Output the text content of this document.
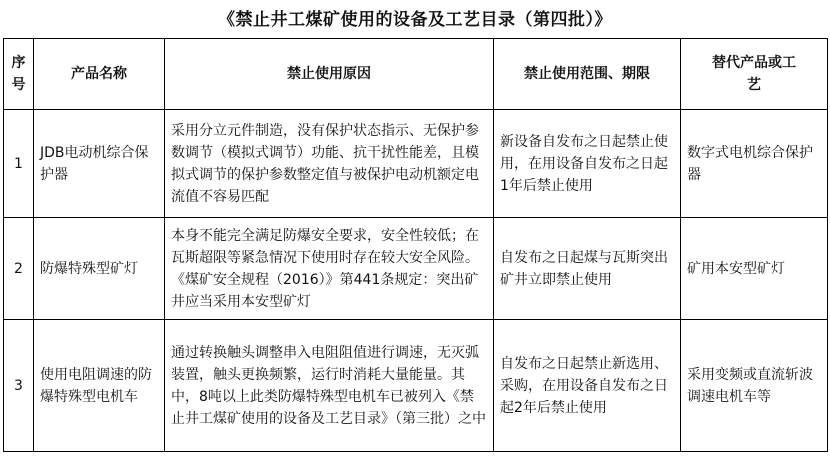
《禁止井工煤矿使用的设备及工艺目录（第四批）》
序号	产品名称	禁止使用原因	禁止使用范围、期限	替代产品或工艺
1	JDB电动机综合保护器	采用分立元件制造，没有保护状态指示、无保护参数调节（模拟式调节）功能、抗干扰性能差，且模拟式调节的保护参数整定值与被保护电动机额定电流值不容易匹配	新设备自发布之日起禁止使用，在用设备自发布之日起1年后禁止使用	数字式电机综合保护器
2	防爆特殊型矿灯	本身不能完全满足防爆安全要求，安全性较低；在瓦斯超限等紧急情况下使用时存在较大安全风险。《煤矿安全规程（2016）》第441条规定：突出矿井应当采用本安型矿灯	自发布之日起煤与瓦斯突出矿井立即禁止使用	矿用本安型矿灯
3	使用电阻调速的防爆特殊型电机车	通过转换触头调整串入电阻阻值进行调速，无灭弧装置，触头更换频繁，运行时消耗大量能量。其中，8吨以上此类防爆特殊型电机车已被列入《禁止井工煤矿使用的设备及工艺目录》（第三批）之中	自发布之日起禁止新选用、采购，在用设备自发布之日起2年后禁止使用	采用变频或直流斩波调速电机车等
